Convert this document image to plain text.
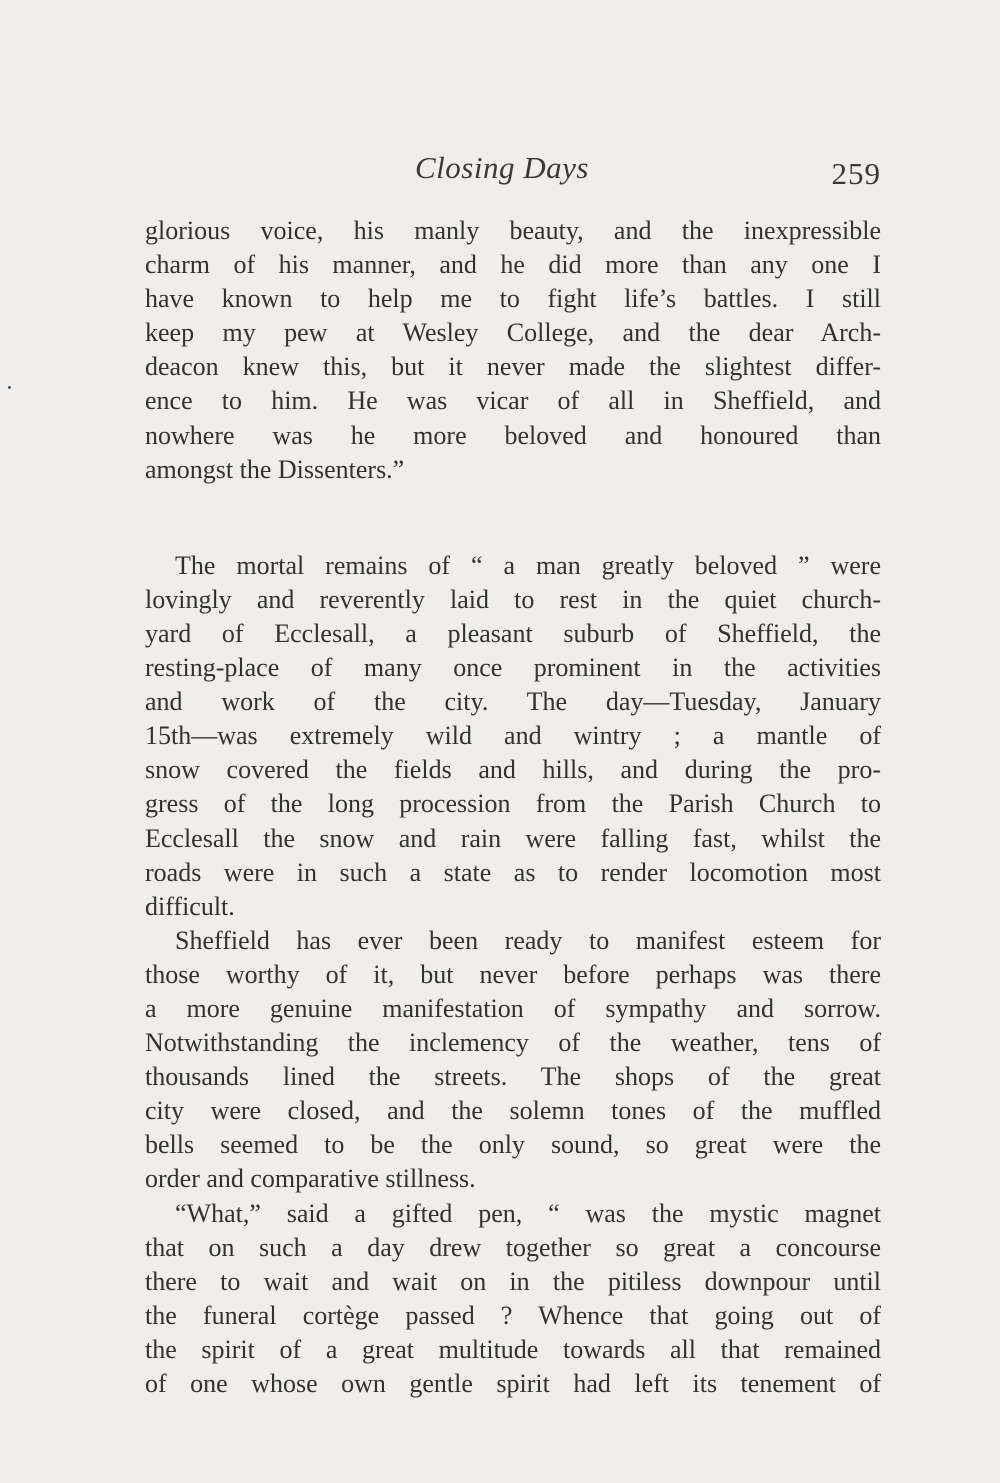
Closing Days	259
glorious voice, his manly beauty, and the inexpressible
charm of his manner, and he did more than any one I
have known to help me to fight life’s battles. I still
keep my pew at Wesley College, and the dear Arch-
deacon knew this, but it never made the slightest differ-
ence to him. He was vicar of all in Sheffield, and
nowhere was he more beloved and honoured than
amongst the Dissenters.”
The mortal remains of “ a man greatly beloved ” were
lovingly and reverently laid to rest in the quiet church-
yard of Ecclesall, a pleasant suburb of Sheffield, the
resting-place of many once prominent in the activities
and work of the city. The day—Tuesday, January
15th—was extremely wild and wintry ; a mantle of
snow covered the fields and hills, and during the pro-
gress of the long procession from the Parish Church to
Ecclesall the snow and rain were falling fast, whilst the
roads were in such a state as to render locomotion most
difficult.
Sheffield has ever been ready to manifest esteem for
those worthy of it, but never before perhaps was there
a more genuine manifestation of sympathy and sorrow.
Notwithstanding the inclemency of the weather, tens of
thousands lined the streets. The shops of the great
city were closed, and the solemn tones of the muffled
bells seemed to be the only sound, so great were the
order and comparative stillness.
“What,” said a gifted pen, “ was the mystic magnet
that on such a day drew together so great a concourse
there to wait and wait on in the pitiless downpour until
the funeral cortège passed ? Whence that going out of
the spirit of a great multitude towards all that remained
of one whose own gentle spirit had left its tenement of
